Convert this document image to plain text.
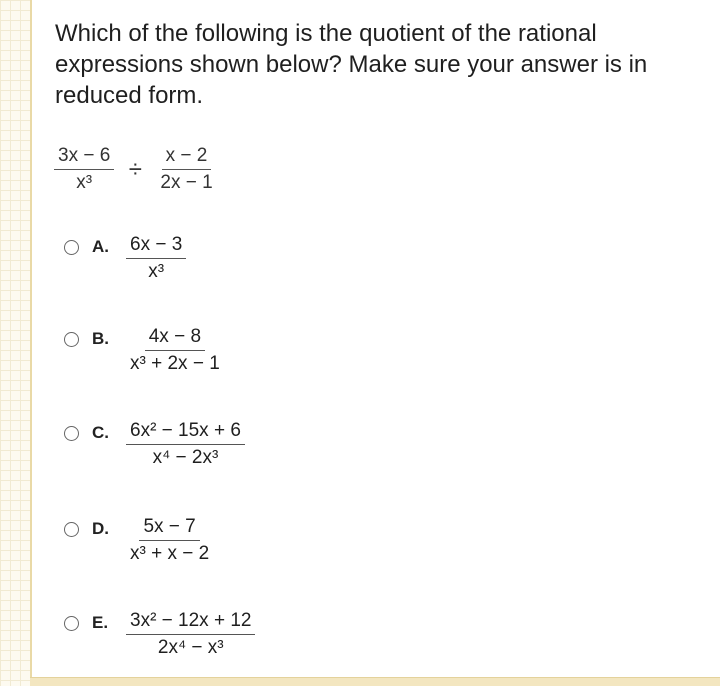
Which of the following is the quotient of the rational expressions shown below? Make sure your answer is in reduced form.

$\frac{3x - 6}{\text{x³}} \div \frac{x - 2}{2x - 1}$
A. $\frac{6x - 3}{\text{x³}}$
B. $\frac{4x - 8}{\text{x³ + 2x − 1}}$
C. $\frac{\text{6x² − 15x + 6}}{\text{x⁴ − 2x³}}$
D. $\frac{5x - 7}{\text{x³ + x − 2}}$
E. $\frac{\text{3x² − 12x + 12}}{\text{2x⁴ − x³}}$
